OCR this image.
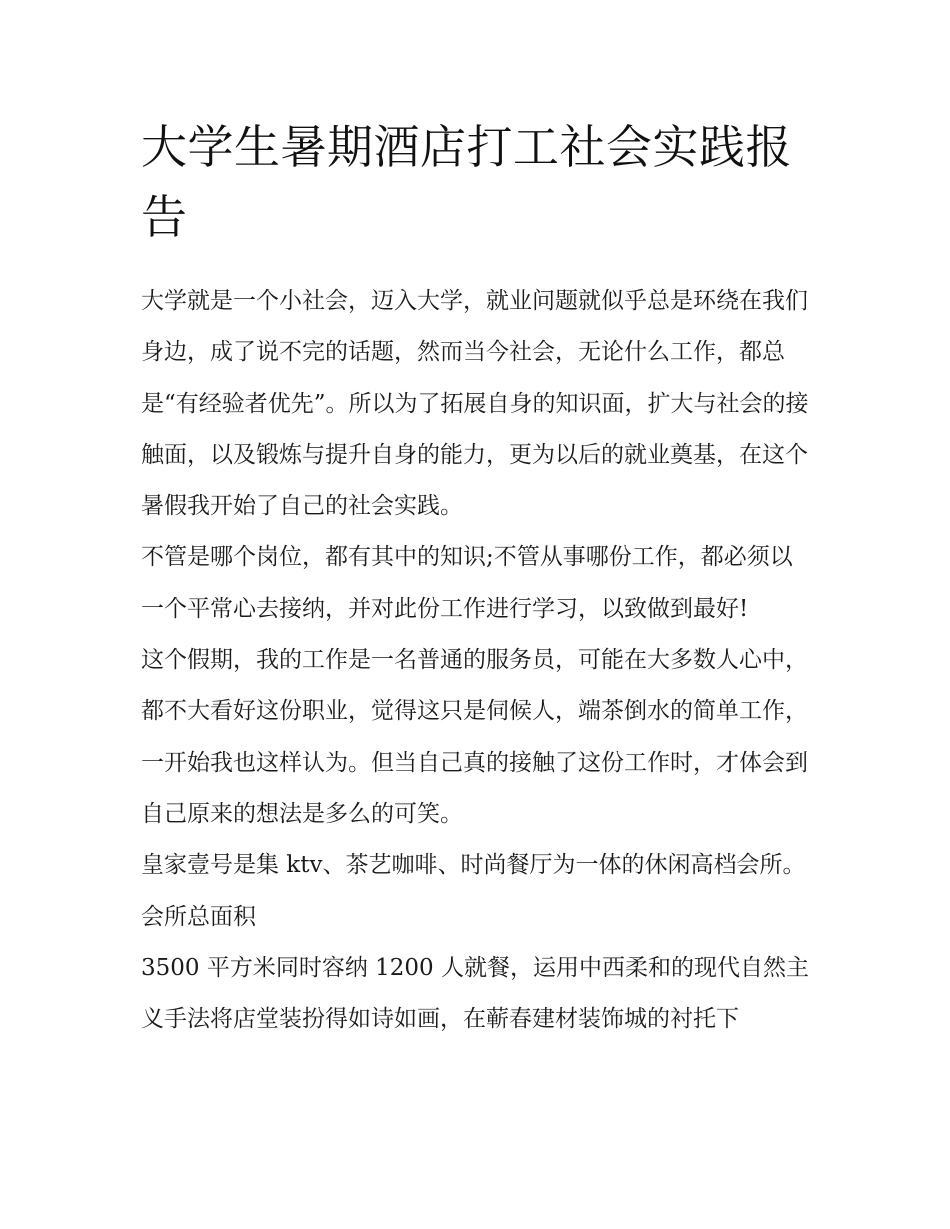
大学生暑期酒店打工社会实践报告

大学就是一个小社会，迈入大学，就业问题就似乎总是环绕在我们身边，成了说不完的话题，然而当今社会，无论什么工作，都总是“有经验者优先”。所以为了拓展自身的知识面，扩大与社会的接触面，以及锻炼与提升自身的能力，更为以后的就业奠基，在这个暑假我开始了自己的社会实践。

不管是哪个岗位，都有其中的知识;不管从事哪份工作，都必须以一个平常心去接纳，并对此份工作进行学习，以致做到最好!

这个假期，我的工作是一名普通的服务员，可能在大多数人心中，都不大看好这份职业，觉得这只是伺候人，端茶倒水的简单工作，一开始我也这样认为。但当自己真的接触了这份工作时，才体会到自己原来的想法是多么的可笑。

皇家壹号是集 ktv、茶艺咖啡、时尚餐厅为一体的休闲高档会所。会所总面积

3500 平方米同时容纳 1200 人就餐，运用中西柔和的现代自然主义手法将店堂装扮得如诗如画，在蕲春建材装饰城的衬托下
